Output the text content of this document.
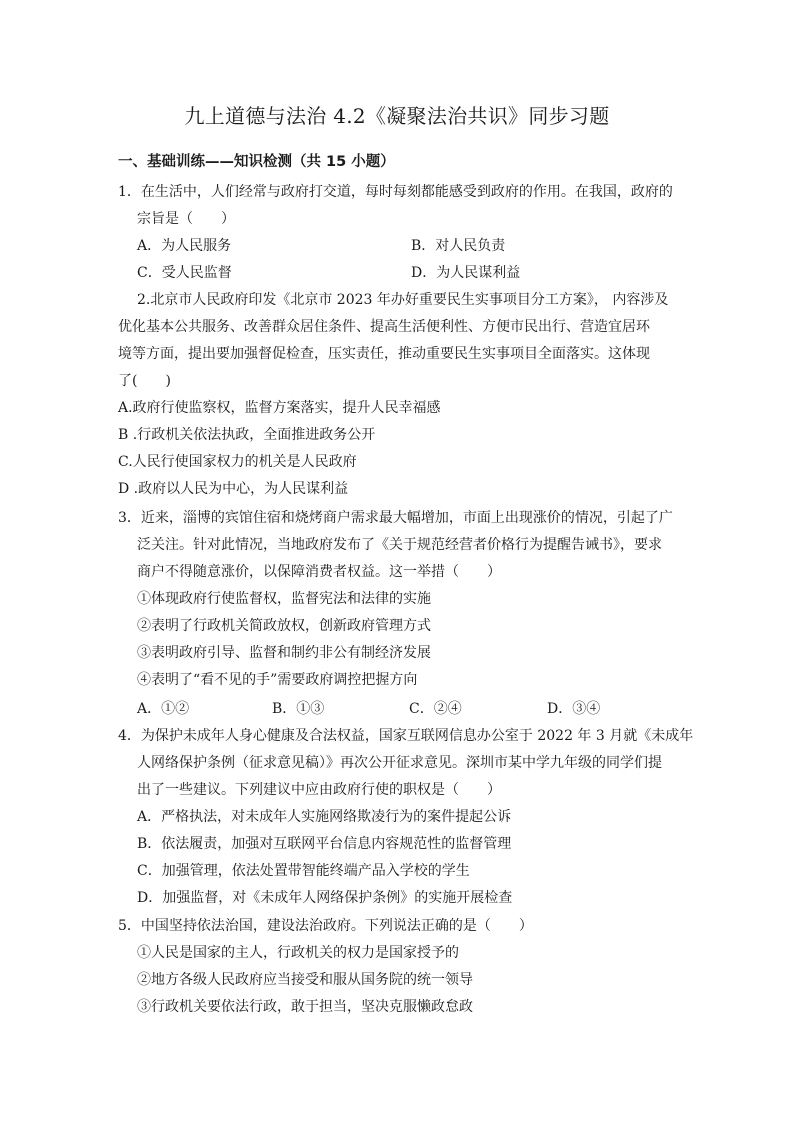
九上道德与法治 4.2《凝聚法治共识》同步习题
一、基础训练——知识检测（共 15 小题）
1．在生活中，人们经常与政府打交道，每时每刻都能感受到政府的作用。在我国，政府的
宗旨是（　　）
A．为人民服务	B．对人民负责
C．受人民监督	D．为人民谋利益
2.北京市人民政府印发《北京市 2023 年办好重要民生实事项目分工方案》， 内容涉及
优化基本公共服务、改善群众居住条件、提高生活便利性、方便市民出行、营造宜居环
境等方面，提出要加强督促检查，压实责任，推动重要民生实事项目全面落实。这体现
了(　　)
A.政府行使监察权，监督方案落实，提升人民幸福感
B .行政机关依法执政，全面推进政务公开
C.人民行使国家权力的机关是人民政府
D .政府以人民为中心，为人民谋利益
3．近来，淄博的宾馆住宿和烧烤商户需求最大幅增加，市面上出现涨价的情况，引起了广
泛关注。针对此情况，当地政府发布了《关于规范经营者价格行为提醒告诫书》，要求
商户不得随意涨价，以保障消费者权益。这一举措（　　）
①体现政府行使监督权，监督宪法和法律的实施
②表明了行政机关简政放权，创新政府管理方式
③表明政府引导、监督和制约非公有制经济发展
④表明了“看不见的手”需要政府调控把握方向
A．①②	B．①③	C．②④	D．③④
4．为保护未成年人身心健康及合法权益，国家互联网信息办公室于 2022 年 3 月就《未成年
人网络保护条例（征求意见稿）》再次公开征求意见。深圳市某中学九年级的同学们提
出了一些建议。下列建议中应由政府行使的职权是（　　）
A．严格执法，对未成年人实施网络欺凌行为的案件提起公诉
B．依法履责，加强对互联网平台信息内容规范性的监督管理
C．加强管理，依法处置带智能终端产品入学校的学生
D．加强监督，对《未成年人网络保护条例》的实施开展检查
5．中国坚持依法治国，建设法治政府。下列说法正确的是（　　）
①人民是国家的主人，行政机关的权力是国家授予的
②地方各级人民政府应当接受和服从国务院的统一领导
③行政机关要依法行政，敢于担当，坚决克服懒政怠政
